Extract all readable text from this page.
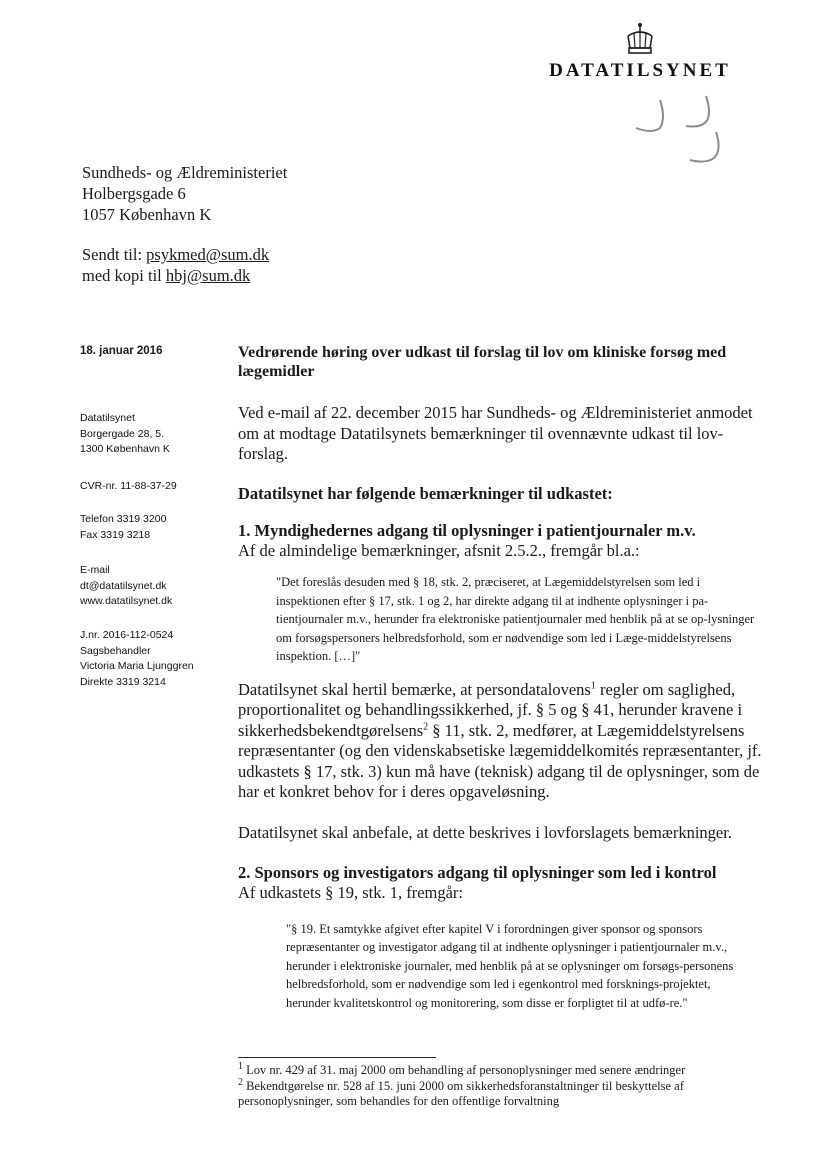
DATATILSYNET
Sundheds- og Ældreministeriet
Holbergsgade 6
1057 København K
Sendt til: psykmed@sum.dk
med kopi til hbj@sum.dk
18. januar 2016
Datatilsynet
Borgergade 28, 5.
1300 København K
CVR-nr. 11-88-37-29
Telefon 3319 3200
Fax 3319 3218
E-mail
dt@datatilsynet.dk
www.datatilsynet.dk
J.nr. 2016-112-0524
Sagsbehandler
Victoria Maria Ljunggren
Direkte 3319 3214

Vedrørende høring over udkast til forslag til lov om kliniske forsøg med lægemidler

Ved e-mail af 22. december 2015 har Sundheds- og Ældreministeriet anmodet om at modtage Datatilsynets bemærkninger til ovennævnte udkast til lov-forslag.

Datatilsynet har følgende bemærkninger til udkastet:

1. Myndighedernes adgang til oplysninger i patientjournaler m.v.

Af de almindelige bemærkninger, afsnit 2.5.2., fremgår bl.a.:

"Det foreslås desuden med § 18, stk. 2, præciseret, at Lægemiddelstyrelsen som led i inspektionen efter § 17, stk. 1 og 2, har direkte adgang til at indhente oplysninger i pa-tientjournaler m.v., herunder fra elektroniske patientjournaler med henblik på at se op-lysninger om forsøgspersoners helbredsforhold, som er nødvendige som led i Læge-middelstyrelsens inspektion. […]"

Datatilsynet skal hertil bemærke, at persondatalovens$^1$ regler om saglighed, proportionalitet og behandlingssikkerhed, jf. § 5 og § 41, herunder kravene i sikkerhedsbekendtgørelsens$^2$ § 11, stk. 2, medfører, at Lægemiddelstyrelsens repræsentanter (og den videnskabsetiske lægemiddelkomités repræsentanter, jf. udkastets § 17, stk. 3) kun må have (teknisk) adgang til de oplysninger, som de har et konkret behov for i deres opgaveløsning.

Datatilsynet skal anbefale, at dette beskrives i lovforslagets bemærkninger.

2. Sponsors og investigators adgang til oplysninger som led i kontrol

Af udkastets § 19, stk. 1, fremgår:

"§ 19. Et samtykke afgivet efter kapitel V i forordningen giver sponsor og sponsors repræsentanter og investigator adgang til at indhente oplysninger i patientjournaler m.v., herunder i elektroniske journaler, med henblik på at se oplysninger om forsøgs-personens helbredsforhold, som er nødvendige som led i egenkontrol med forsknings-projektet, herunder kvalitetskontrol og monitorering, som disse er forpligtet til at udfø-re."

$^1$ Lov nr. 429 af 31. maj 2000 om behandling af personoplysninger med senere ændringer
$^2$ Bekendtgørelse nr. 528 af 15. juni 2000 om sikkerhedsforanstaltninger til beskyttelse af personoplysninger, som behandles for den offentlige forvaltning
